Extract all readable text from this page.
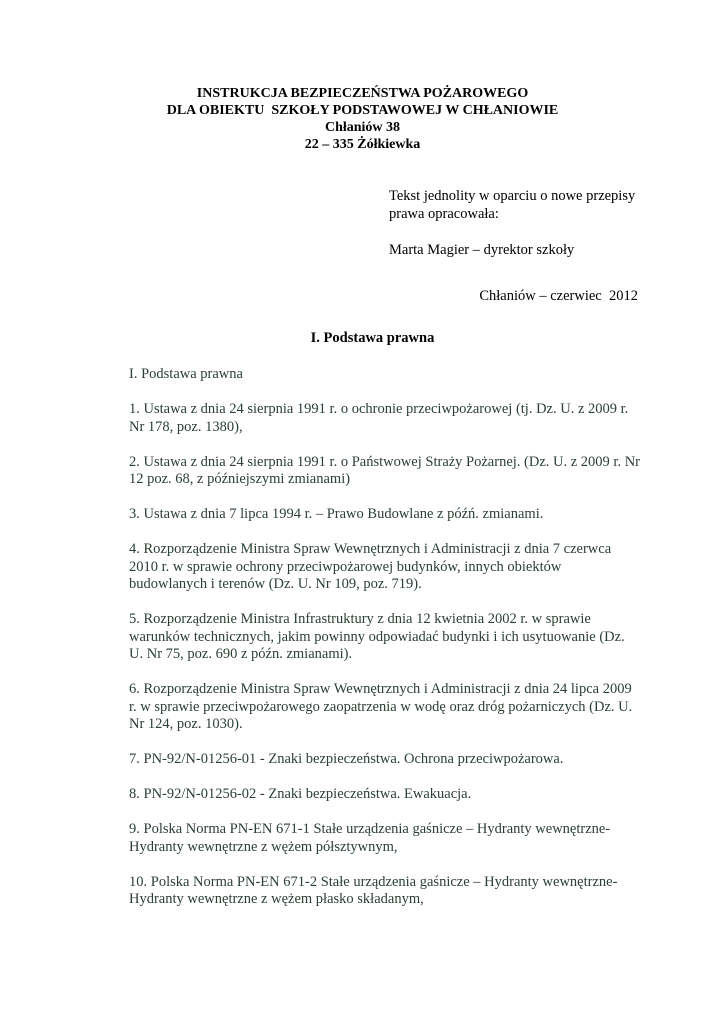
INSTRUKCJA BEZPIECZEŃSTWA POŻAROWEGO
DLA OBIEKTU  SZKOŁY PODSTAWOWEJ W CHŁANIOWIE
Chłaniów 38
22 – 335 Żółkiewka
Tekst jednolity w oparciu o nowe przepisy
prawa opracowała:
Marta Magier – dyrektor szkoły
Chłaniów – czerwiec  2012
I. Podstawa prawna

I. Podstawa prawna

1. Ustawa z dnia 24 sierpnia 1991 r. o ochronie przeciwpożarowej (tj. Dz. U. z 2009 r. Nr 178, poz. 1380),

2. Ustawa z dnia 24 sierpnia 1991 r. o Państwowej Straży Pożarnej. (Dz. U. z 2009 r. Nr 12 poz. 68, z późniejszymi zmianami)

3. Ustawa z dnia 7 lipca 1994 r. – Prawo Budowlane z późń. zmianami.

4. Rozporządzenie Ministra Spraw Wewnętrznych i Administracji z dnia 7 czerwca 2010 r. w sprawie ochrony przeciwpożarowej budynków, innych obiektów budowlanych i terenów (Dz. U. Nr 109, poz. 719).

5. Rozporządzenie Ministra Infrastruktury z dnia 12 kwietnia 2002 r. w sprawie warunków technicznych, jakim powinny odpowiadać budynki i ich usytuowanie (Dz. U. Nr 75, poz. 690 z późn. zmianami).

6. Rozporządzenie Ministra Spraw Wewnętrznych i Administracji z dnia 24 lipca 2009 r. w sprawie przeciwpożarowego zaopatrzenia w wodę oraz dróg pożarniczych (Dz. U. Nr 124, poz. 1030).

7. PN-92/N-01256-01 - Znaki bezpieczeństwa. Ochrona przeciwpożarowa.

8. PN-92/N-01256-02 - Znaki bezpieczeństwa. Ewakuacja.

9. Polska Norma PN-EN 671-1 Stałe urządzenia gaśnicze – Hydranty wewnętrzne- Hydranty wewnętrzne z wężem półsztywnym,

10. Polska Norma PN-EN 671-2 Stałe urządzenia gaśnicze – Hydranty wewnętrzne- Hydranty wewnętrzne z wężem płasko składanym,
